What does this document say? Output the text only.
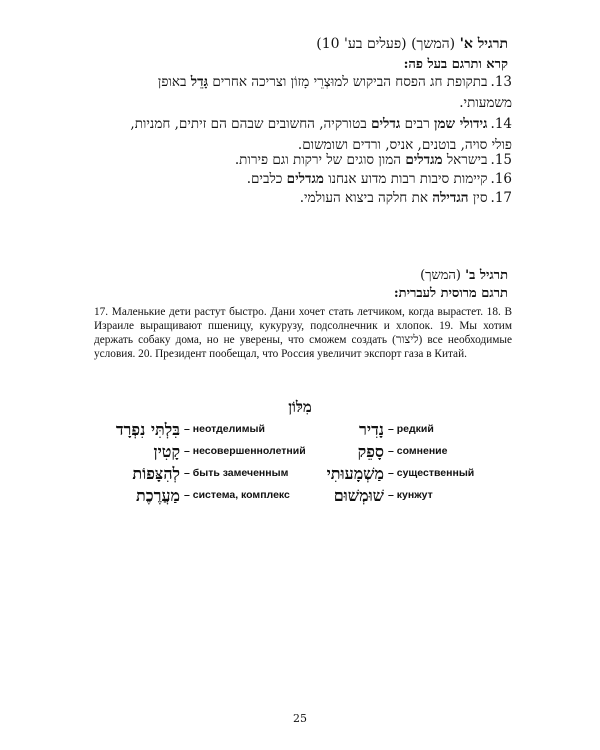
תרגיל א' (המשך) (פעלים בע' 10)
קרא ותרגם בעל פה:
13.בתקופת חג הפסח הביקוש למוּצְרֵי מָזוֹן וצריכה אחרים גָּדֵל באופן
משמעותי.
14.גידולי שמן רבים גדלים בטורקיה, החשובים שבהם הם זיתים, חמניות,
פולי סויה, בוטנים, אניס, ורדים ושומשום.
15.בישראל מגדלים המון סוגים של ירקות וגם פירות.
16.קיימות סיבות רבות מדוע אנחנו מגדלים כלבים.
17.סין הגדילה את חלקה ביצוא העולמי.
תרגיל ב' (המשך)
תרגם מרוסית לעברית:
17. Маленькие дети растут быстро. Дани хочет стать летчиком, когда вырастет. 18. В Израиле выращивают пшеницу, кукурузу, подсолнечник и хлопок. 19. Мы хотим держать собаку дома, но не уверены, что сможем создать (ליצור) все необходимые условия. 20. Президент пообещал, что Россия увеличит экспорт газа в Китай.
מִלּוֹן
בִּלְתִּי נִפְרָד – неотделимый	נָדִיר – редкий
קָטִין – несовершеннолетний	סָפֵק – сомнение
לְהִצָּפוֹת – быть замеченным מַשְׁמָעוּתִי – существенный
מַעֲרֶכֶת – система, комплекс	שׁוּמְשׁוּם – кунжут
25
